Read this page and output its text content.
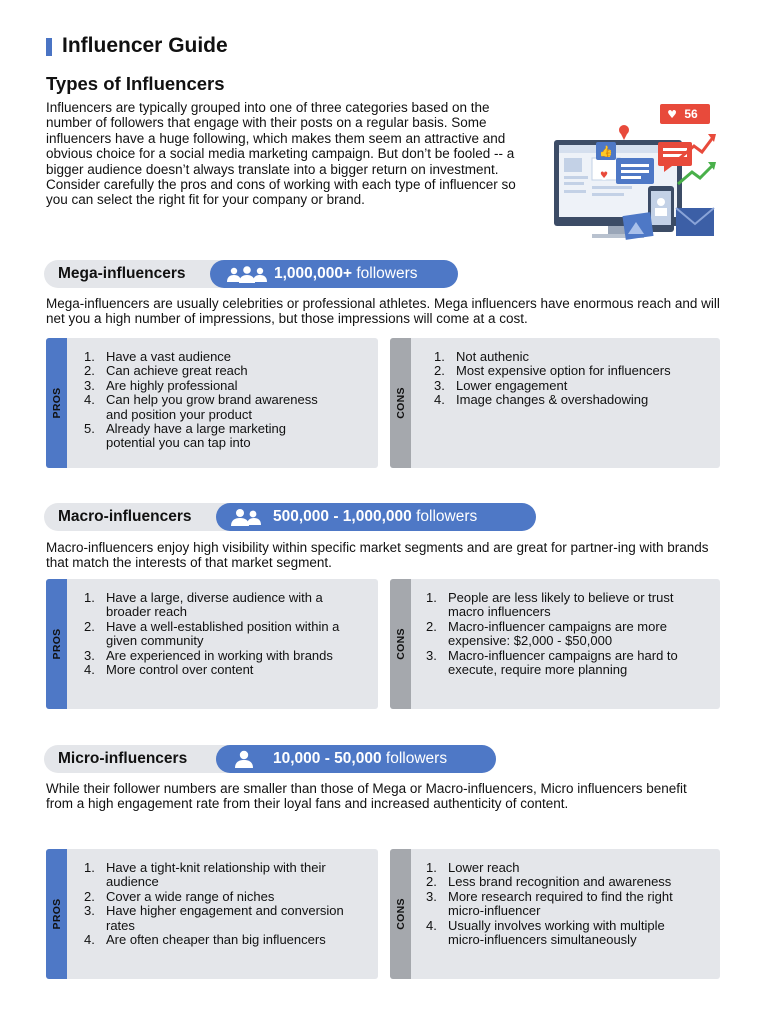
Influencer Guide
Types of Influencers

Influencers are typically grouped into one of three categories based on the number of followers that engage with their posts on a regular basis. Some influencers have a huge following, which makes them seem an attractive and obvious choice for a social media marketing campaign. But don’t be fooled -- a bigger audience doesn’t always translate into a bigger return on investment. Consider carefully the pros and cons of working with each type of influencer so you can select the right fit for your company or brand.

👍
♥ 56
♥
Mega-influencers	1,000,000+ followers

Mega-influencers are usually celebrities or professional athletes. Mega influencers have enormous reach and will net you a high number of impressions, but those impressions will come at a cost.

PROS
1. Have a vast audience
2. Can achieve great reach
3. Are highly professional
4. Can help you grow brand awareness and position your product
5. Already have a large marketing potential you can tap into
CONS
1. Not authenic
2. Most expensive option for influencers
3. Lower engagement
4. Image changes & overshadowing
Macro-influencers	500,000 - 1,000,000 followers

Macro-influencers enjoy high visibility within specific market segments and are great for partner-ing with brands that match the interests of that market segment.

PROS
1. Have a large, diverse audience with a broader reach
2. Have a well-established position within a given community
3. Are experienced in working with brands
4. More control over content
CONS
1. People are less likely to believe or trust macro influencers
2. Macro-influencer campaigns are more expensive: $2,000 - $50,000
3. Macro-influencer campaigns are hard to execute, require more planning
Micro-influencers	10,000 - 50,000 followers

While their follower numbers are smaller than those of Mega or Macro-influencers, Micro influencers benefit from a high engagement rate from their loyal fans and increased authenticity of content.

PROS
1. Have a tight-knit relationship with their audience
2. Cover a wide range of niches
3. Have higher engagement and conversion rates
4. Are often cheaper than big influencers
CONS
1. Lower reach
2. Less brand recognition and awareness
3. More research required to find the right micro-influencer
4. Usually involves working with multiple micro-influencers simultaneously
